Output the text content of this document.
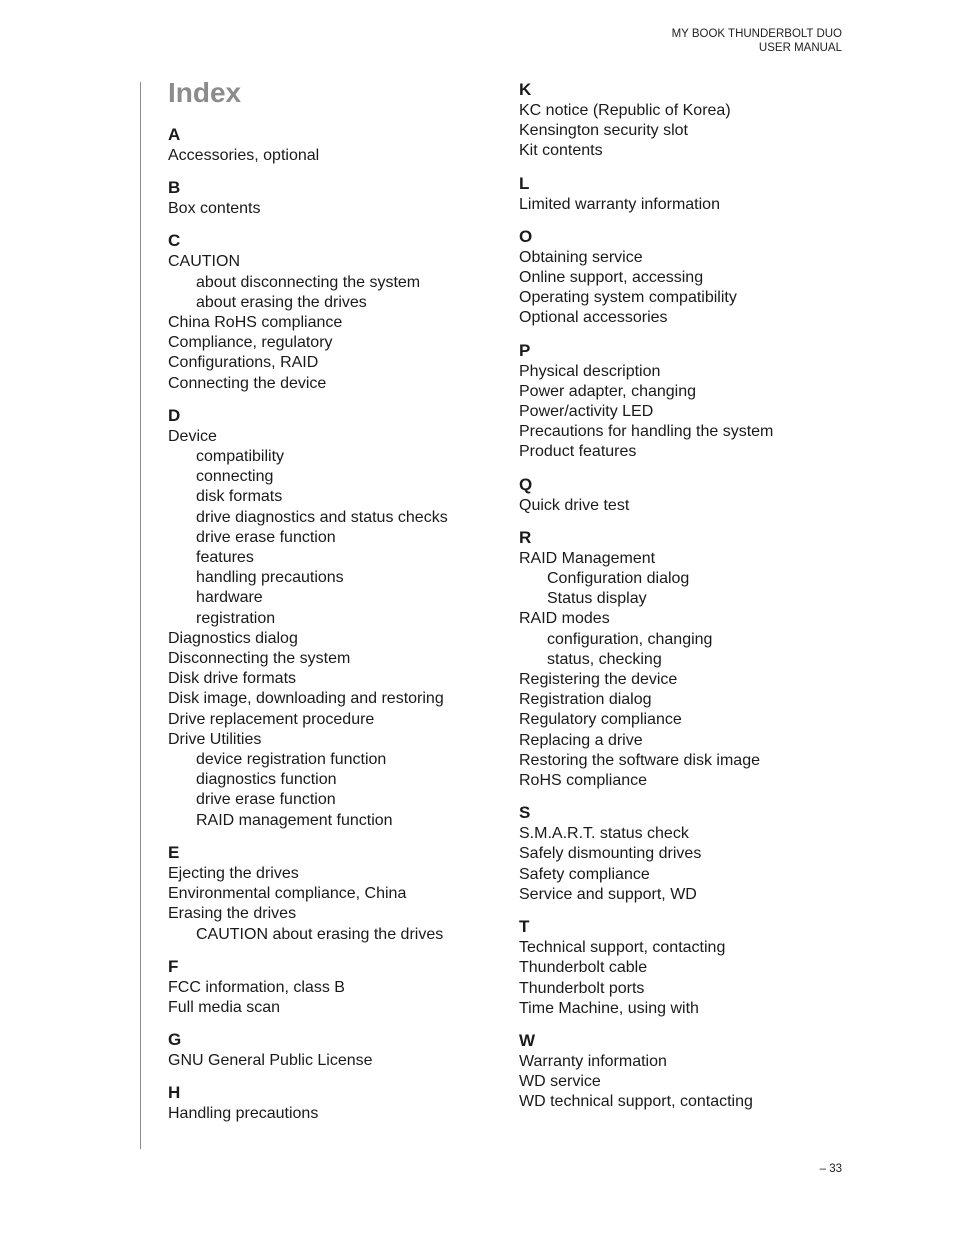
MY BOOK THUNDERBOLT DUO
USER MANUAL
Index
A
Accessories, optional
B
Box contents
C
CAUTION
about disconnecting the system
about erasing the drives
China RoHS compliance
Compliance, regulatory
Configurations, RAID
Connecting the device
D
Device
compatibility
connecting
disk formats
drive diagnostics and status checks
drive erase function
features
handling precautions
hardware
registration
Diagnostics dialog
Disconnecting the system
Disk drive formats
Disk image, downloading and restoring
Drive replacement procedure
Drive Utilities
device registration function
diagnostics function
drive erase function
RAID management function
E
Ejecting the drives
Environmental compliance, China
Erasing the drives
CAUTION about erasing the drives
F
FCC information, class B
Full media scan
G
GNU General Public License
H
Handling precautions
K
KC notice (Republic of Korea)
Kensington security slot
Kit contents
L
Limited warranty information
O
Obtaining service
Online support, accessing
Operating system compatibility
Optional accessories
P
Physical description
Power adapter, changing
Power/activity LED
Precautions for handling the system
Product features
Q
Quick drive test
R
RAID Management
Configuration dialog
Status display
RAID modes
configuration, changing
status, checking
Registering the device
Registration dialog
Regulatory compliance
Replacing a drive
Restoring the software disk image
RoHS compliance
S
S.M.A.R.T. status check
Safely dismounting drives
Safety compliance
Service and support, WD
T
Technical support, contacting
Thunderbolt cable
Thunderbolt ports
Time Machine, using with
W
Warranty information
WD service
WD technical support, contacting
– 33
